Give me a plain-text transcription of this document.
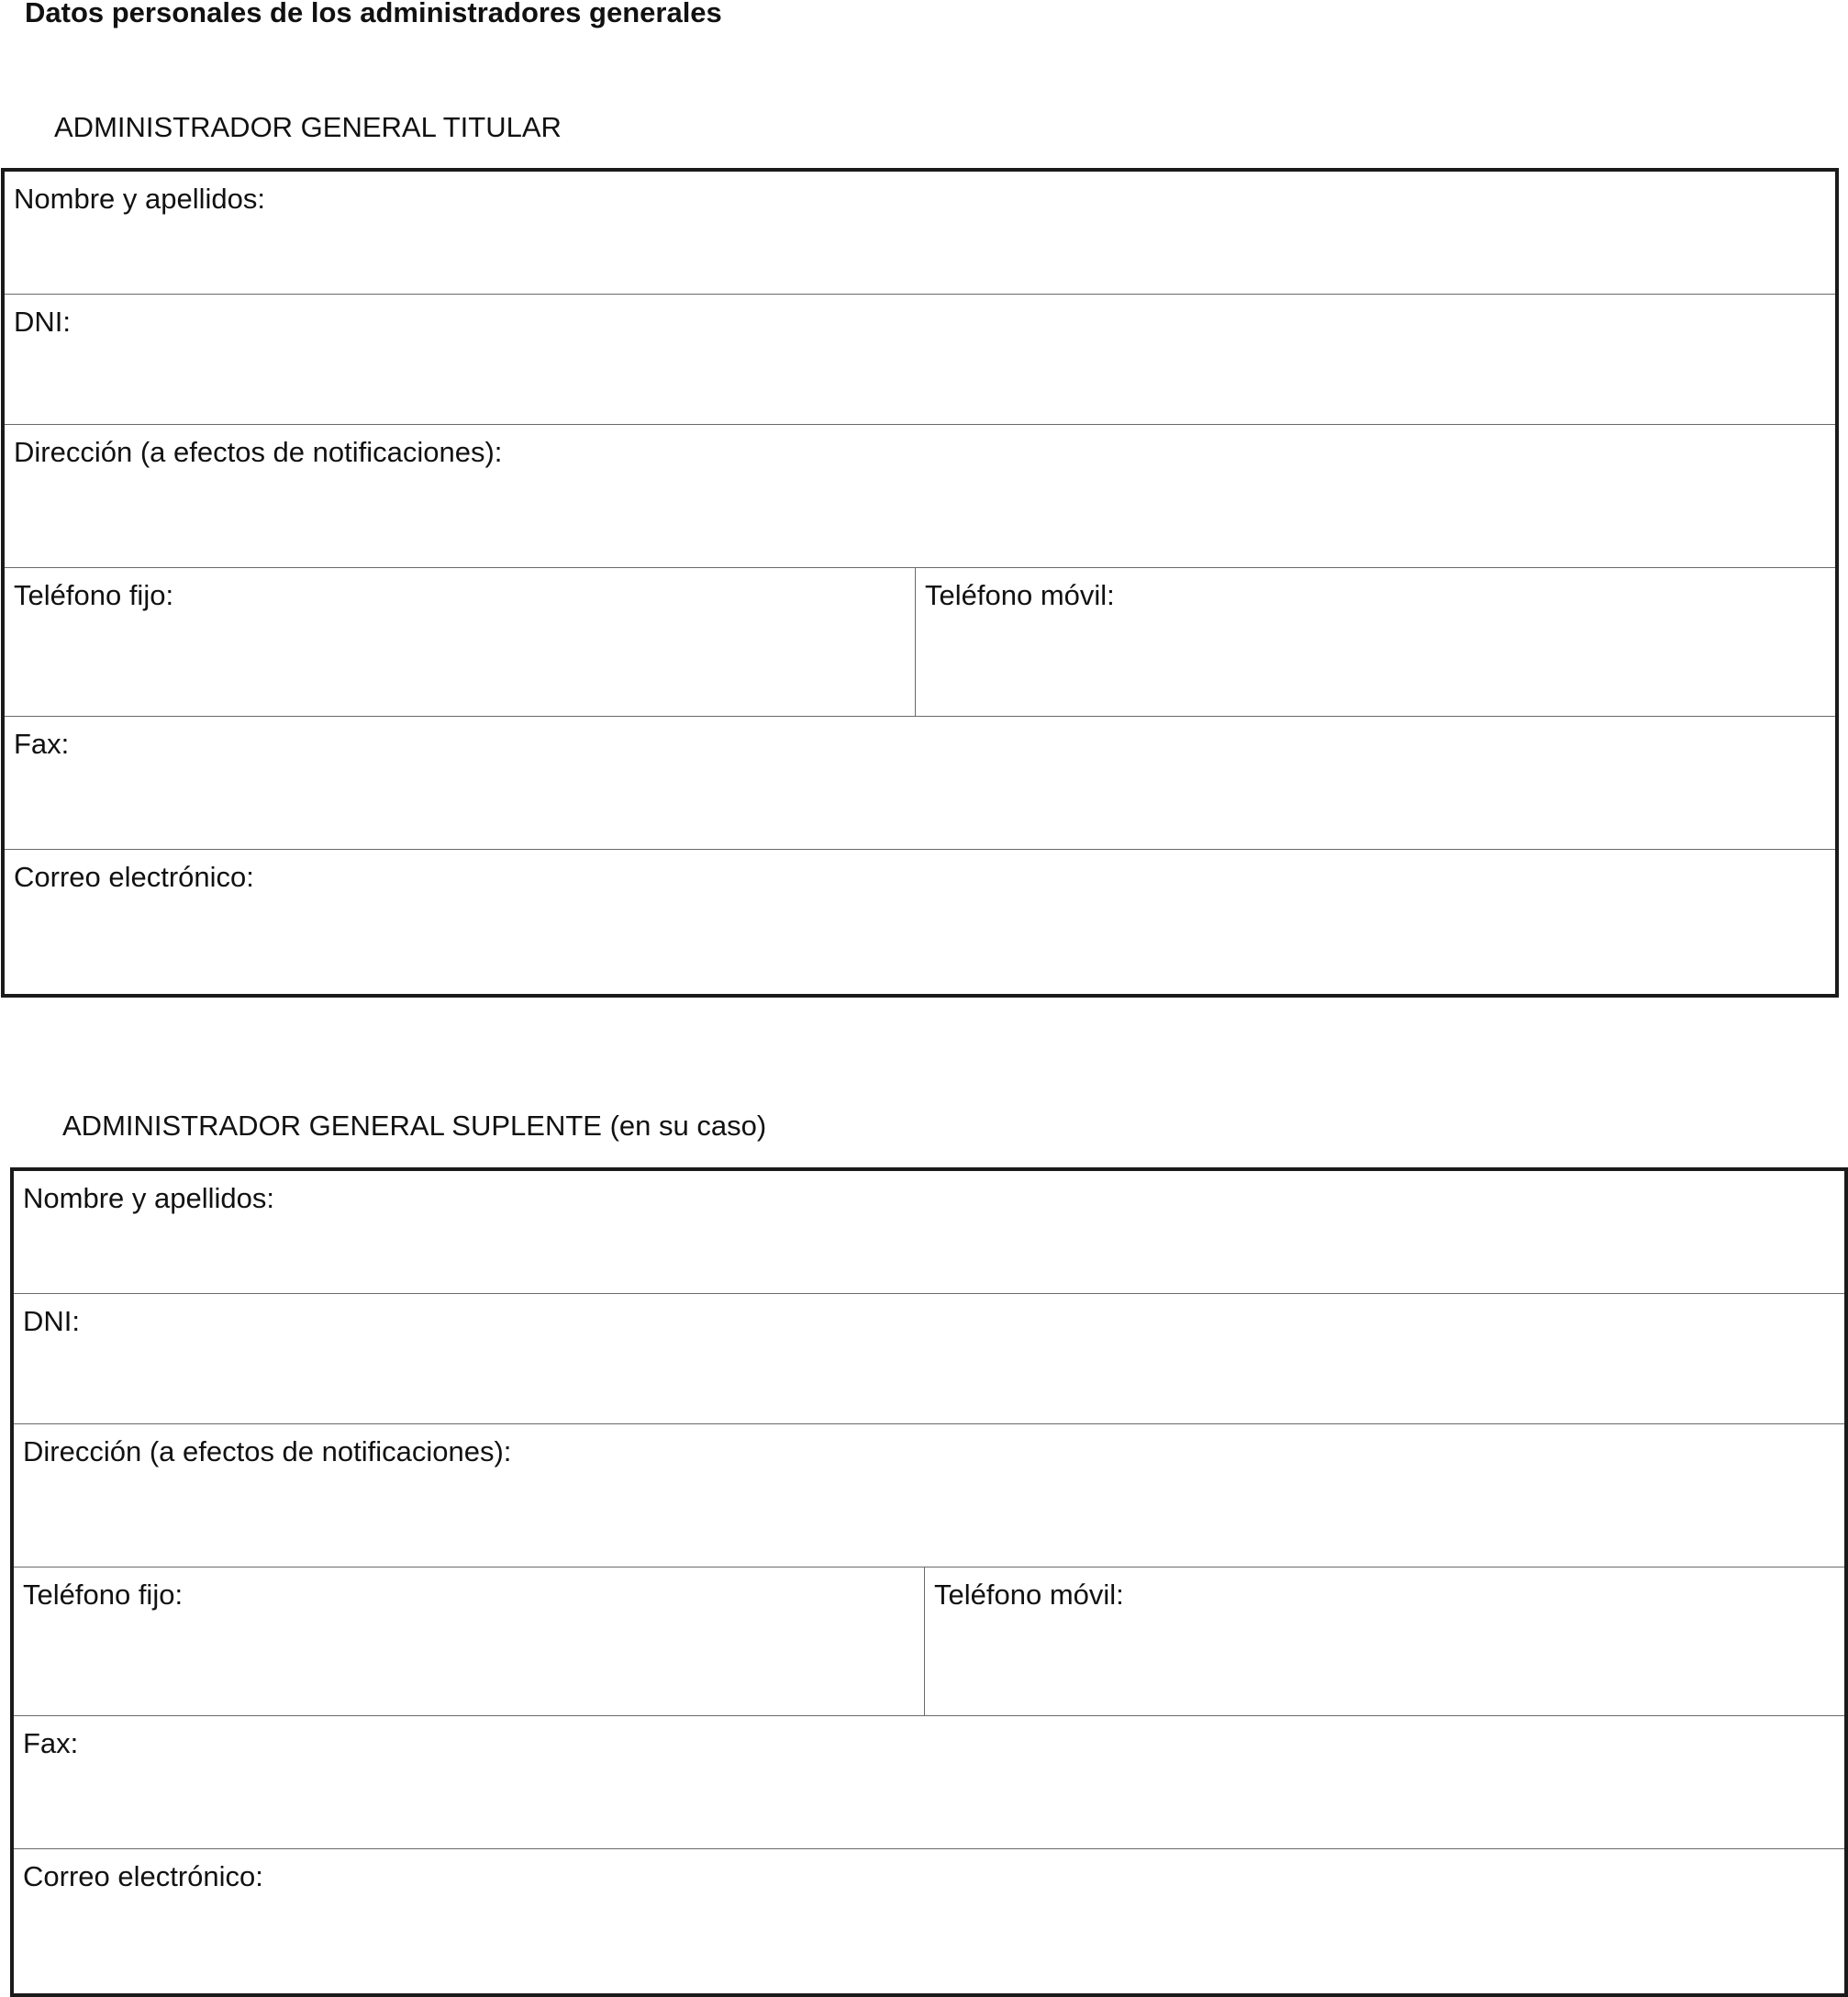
Datos personales de los administradores generales
ADMINISTRADOR GENERAL TITULAR
Nombre y apellidos:
DNI:
Dirección (a efectos de notificaciones):
Teléfono fijo:	Teléfono móvil:
Fax:
Correo electrónico:
ADMINISTRADOR GENERAL SUPLENTE (en su caso)
Nombre y apellidos:
DNI:
Dirección (a efectos de notificaciones):
Teléfono fijo:	Teléfono móvil:
Fax:
Correo electrónico:
